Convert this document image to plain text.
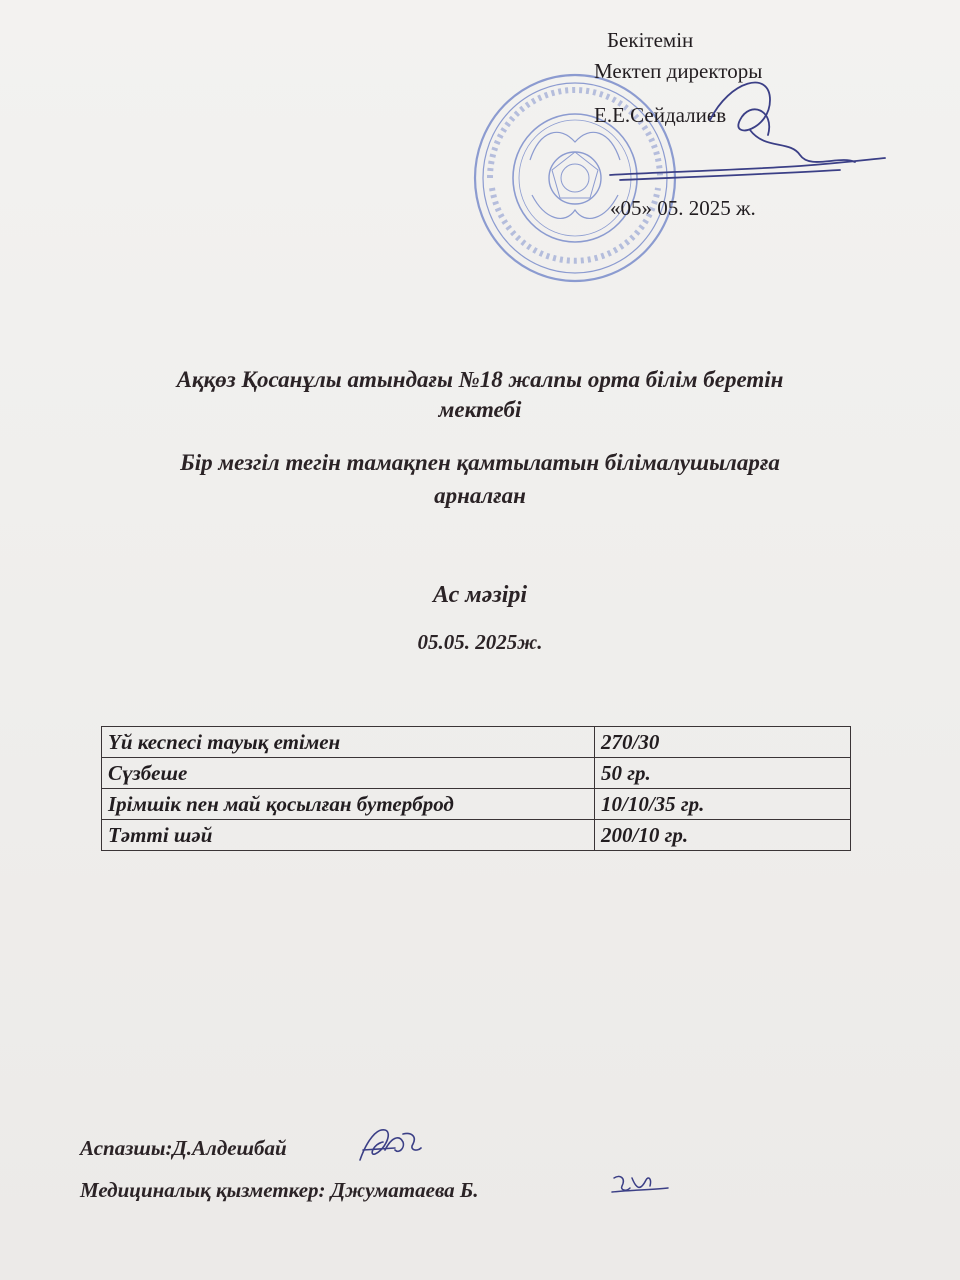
Бекітемін
Мектеп директоры
Е.Е.Сейдалиев
«05» 05. 2025 ж.
Аққөз Қосанұлы атындағы №18 жалпы орта білім беретін
мектебі
Бір мезгіл тегін тамақпен қамтылатын білімалушыларға
арналған
Ас мәзірі
05.05. 2025ж.
Үй кеспесі тауық етімен	270/30
Сүзбеше	50 гр.
Ірімшік пен май қосылған бутерброд	10/10/35 гр.
Тәтті шәй	200/10 гр.
Аспазшы:Д.Алдешбай
Медициналық қызметкер: Джуматаева Б.
